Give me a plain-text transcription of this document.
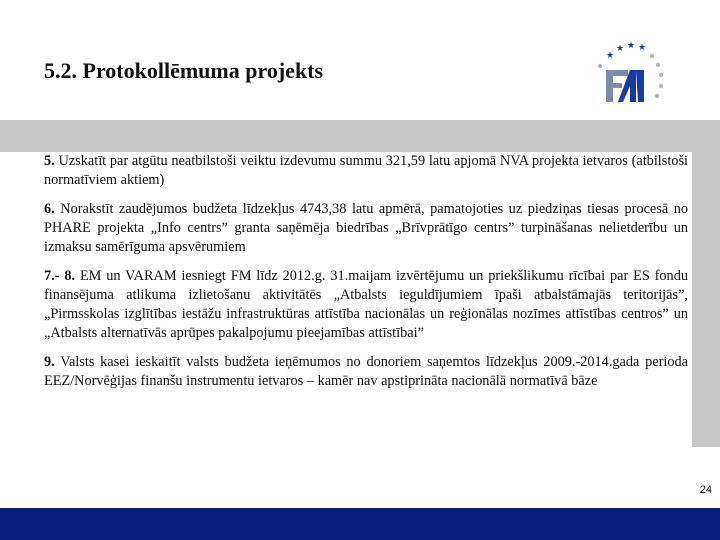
5.2. Protokollēmuma projekts
★
★ ★ ★

5. Uzskatīt par atgūtu neatbilstoši veiktu izdevumu summu 321,59 latu apjomā NVA projekta ietvaros (atbilstoši normatīviem aktiem)

6. Norakstīt zaudējumos budžeta līdzekļus 4743,38 latu apmērā, pamatojoties uz piedziņas tiesas procesā no PHARE projekta „Info centrs” granta saņēmēja biedrības „Brīvprātīgo centrs” turpināšanas nelietderību un izmaksu samērīguma apsvērumiem

7.- 8. EM un VARAM iesniegt FM līdz 2012.g. 31.maijam izvērtējumu un priekšlikumu rīcībai par ES fondu finansējuma atlikuma izlietošanu aktivitātēs „Atbalsts ieguldījumiem īpaši atbalstāmajās teritorijās”, „Pirmsskolas izglītības iestāžu infrastruktūras attīstība nacionālas un reģionālas nozīmes attīstības centros” un „Atbalsts alternatīvās aprūpes pakalpojumu pieejamības attīstībai”

9. Valsts kasei ieskaitīt valsts budžeta ieņēmumos no donoriem saņemtos līdzekļus 2009.-2014.gada perioda EEZ/Norvēģijas finanšu instrumentu ietvaros – kamēr nav apstiprināta nacionālā normatīvā bāze

24
